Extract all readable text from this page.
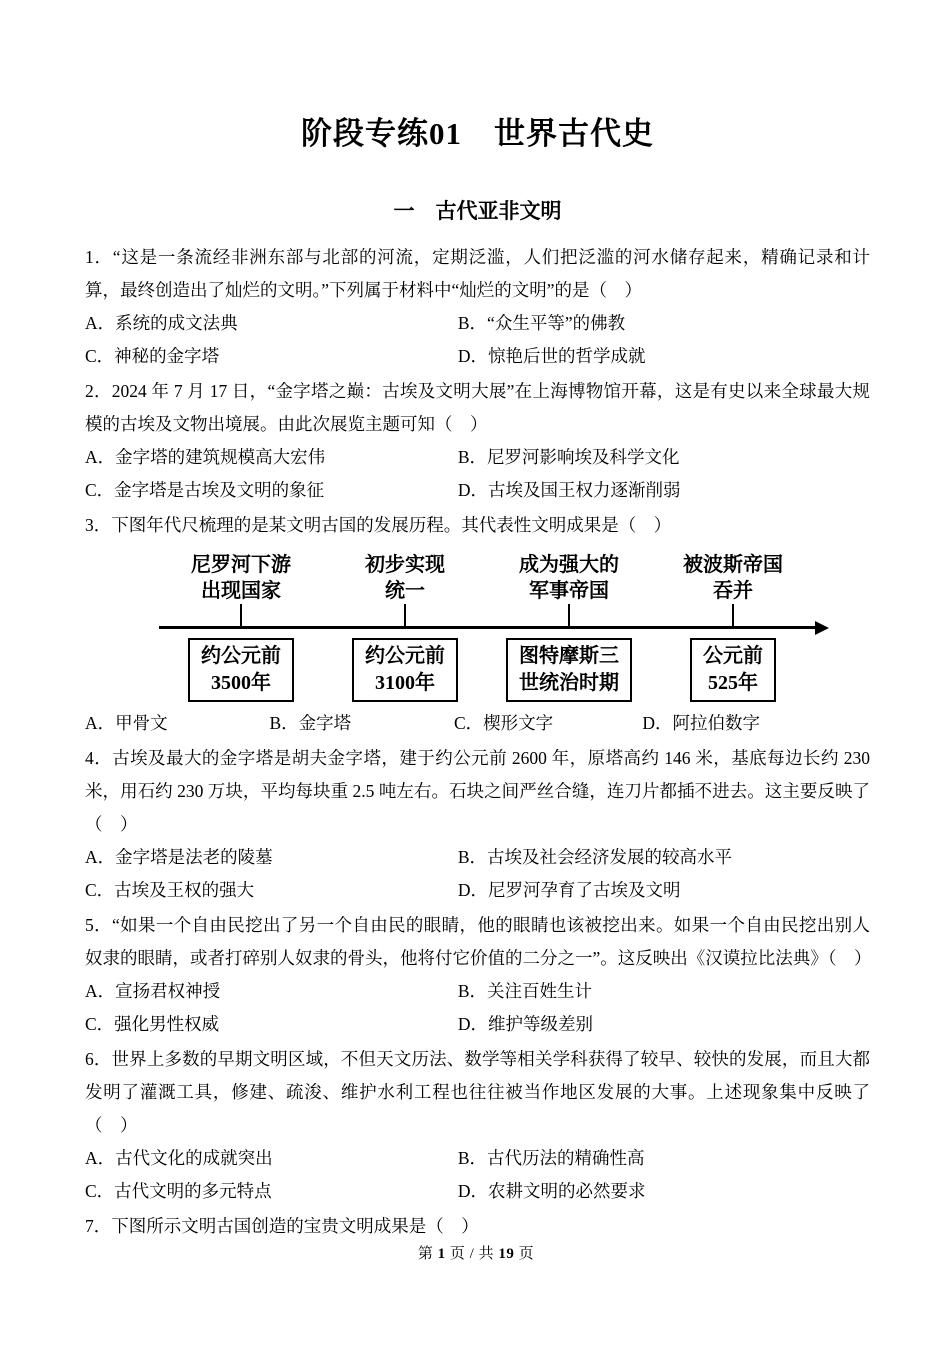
阶段专练01　世界古代史
一　古代亚非文明

1．“这是一条流经非洲东部与北部的河流，定期泛滥，人们把泛滥的河水储存起来，精确记录和计算，最终创造出了灿烂的文明。”下列属于材料中“灿烂的文明”的是（　）

A．系统的成文法典	B．“众生平等”的佛教
C．神秘的金字塔	D．惊艳后世的哲学成就

2．2024 年 7 月 17 日，“金字塔之巅：古埃及文明大展”在上海博物馆开幕，这是有史以来全球最大规模的古埃及文物出境展。由此次展览主题可知（　）

A．金字塔的建筑规模高大宏伟	B．尼罗河影响埃及科学文化
C．金字塔是古埃及文明的象征	D．古埃及国王权力逐渐削弱

3．下图年代尺梳理的是某文明古国的发展历程。其代表性文明成果是（　）

尼罗河下游
出现国家
初步实现
统一
成为强大的
军事帝国
被波斯帝国
吞并
约公元前
3500年
约公元前
3100年
图特摩斯三
世统治时期
公元前
525年
A．甲骨文	B．金字塔	C．楔形文字	D．阿拉伯数字

4．古埃及最大的金字塔是胡夫金字塔，建于约公元前 2600 年，原塔高约 146 米，基底每边长约 230 米，用石约 230 万块，平均每块重 2.5 吨左右。石块之间严丝合缝，连刀片都插不进去。这主要反映了（　）

A．金字塔是法老的陵墓	B．古埃及社会经济发展的较高水平
C．古埃及王权的强大	D．尼罗河孕育了古埃及文明

5．“如果一个自由民挖出了另一个自由民的眼睛，他的眼睛也该被挖出来。如果一个自由民挖出别人奴隶的眼睛，或者打碎别人奴隶的骨头，他将付它价值的二分之一”。这反映出《汉谟拉比法典》（　）

A．宣扬君权神授	B．关注百姓生计
C．强化男性权威	D．维护等级差别

6．世界上多数的早期文明区域，不但天文历法、数学等相关学科获得了较早、较快的发展，而且大都发明了灌溉工具，修建、疏浚、维护水利工程也往往被当作地区发展的大事。上述现象集中反映了（　）

A．古代文化的成就突出	B．古代历法的精确性高
C．古代文明的多元特点	D．农耕文明的必然要求

7．下图所示文明古国创造的宝贵文明成果是（　）

第 1 页 / 共 19 页
